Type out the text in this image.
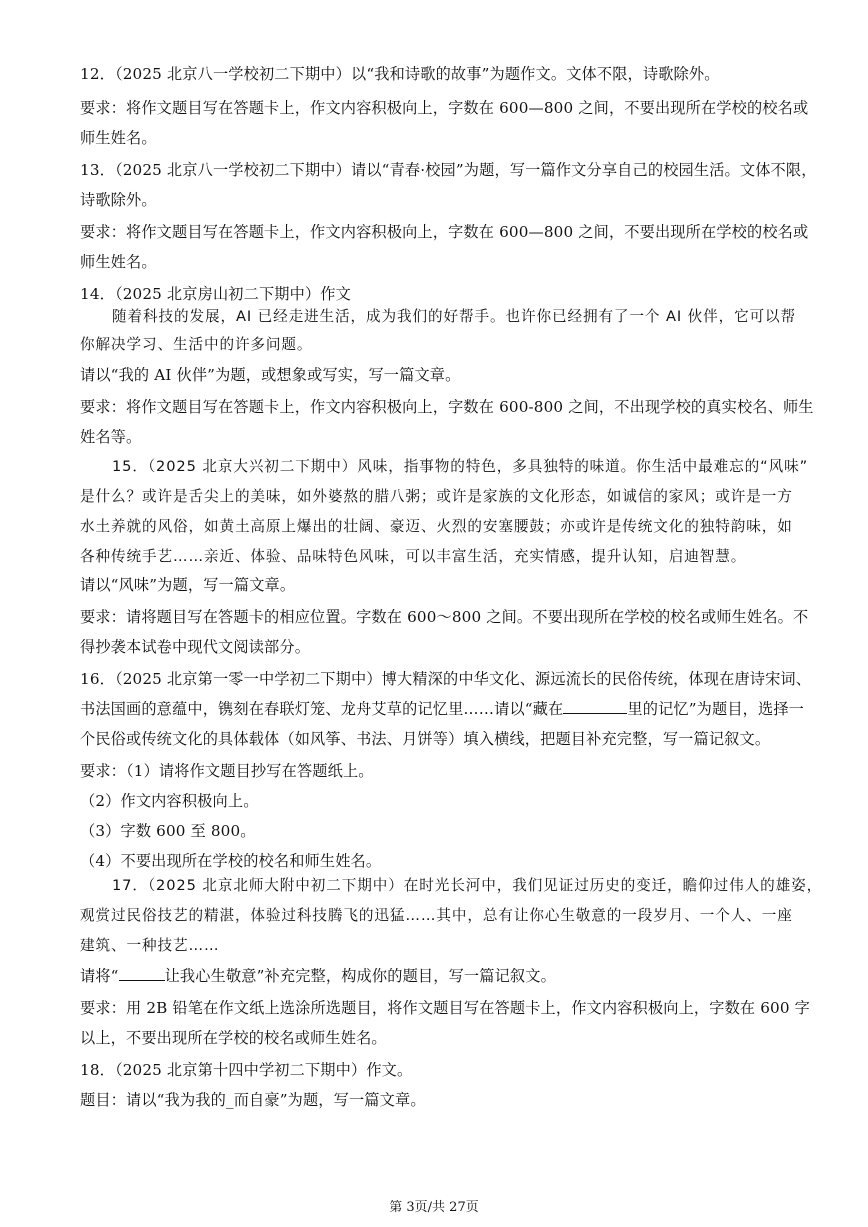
12．（2025 北京八一学校初二下期中）以“我和诗歌的故事”为题作文。文体不限，诗歌除外。
要求：将作文题目写在答题卡上，作文内容积极向上，字数在 600—800 之间，不要出现所在学校的校名或
师生姓名。
13．（2025 北京八一学校初二下期中）请以“青春·校园”为题，写一篇作文分享自己的校园生活。文体不限，
诗歌除外。
要求：将作文题目写在答题卡上，作文内容积极向上，字数在 600—800 之间，不要出现所在学校的校名或
师生姓名。
14．（2025 北京房山初二下期中）作文
随着科技的发展，AI 已经走进生活，成为我们的好帮手。也许你已经拥有了一个 AI 伙伴，它可以帮
你解决学习、生活中的许多问题。
请以“我的 AI 伙伴”为题，或想象或写实，写一篇文章。
要求：将作文题目写在答题卡上，作文内容积极向上，字数在 600-800 之间，不出现学校的真实校名、师生
姓名等。
15．（2025 北京大兴初二下期中）风味，指事物的特色，多具独特的味道。你生活中最难忘的“风味”
是什么？或许是舌尖上的美味，如外婆熬的腊八粥；或许是家族的文化形态，如诚信的家风；或许是一方
水土养就的风俗，如黄土高原上爆出的壮阔、豪迈、火烈的安塞腰鼓；亦或许是传统文化的独特韵味，如
各种传统手艺……亲近、体验、品味特色风味，可以丰富生活，充实情感，提升认知，启迪智慧。
请以“风味”为题，写一篇文章。
要求：请将题目写在答题卡的相应位置。字数在 600～800 之间。不要出现所在学校的校名或师生姓名。不
得抄袭本试卷中现代文阅读部分。
16．（2025 北京第一零一中学初二下期中）博大精深的中华文化、源远流长的民俗传统，体现在唐诗宋词、
书法国画的意蕴中，镌刻在春联灯笼、龙舟艾草的记忆里……请以“藏在	里的记忆”为题目，选择一
个民俗或传统文化的具体载体（如风筝、书法、月饼等）填入横线，把题目补充完整，写一篇记叙文。
要求：（1）请将作文题目抄写在答题纸上。
（2）作文内容积极向上。
（3）字数 600 至 800。
（4）不要出现所在学校的校名和师生姓名。
17．（2025 北京北师大附中初二下期中）在时光长河中，我们见证过历史的变迁，瞻仰过伟人的雄姿，
观赏过民俗技艺的精湛，体验过科技腾飞的迅猛……其中，总有让你心生敬意的一段岁月、一个人、一座
建筑、一种技艺……
请将“	让我心生敬意”补充完整，构成你的题目，写一篇记叙文。
要求：用 2B 铅笔在作文纸上选涂所选题目，将作文题目写在答题卡上，作文内容积极向上，字数在 600 字
以上，不要出现所在学校的校名或师生姓名。
18．（2025 北京第十四中学初二下期中）作文。
题目：请以“我为我的_而自豪”为题，写一篇文章。
第 3页/共 27页
